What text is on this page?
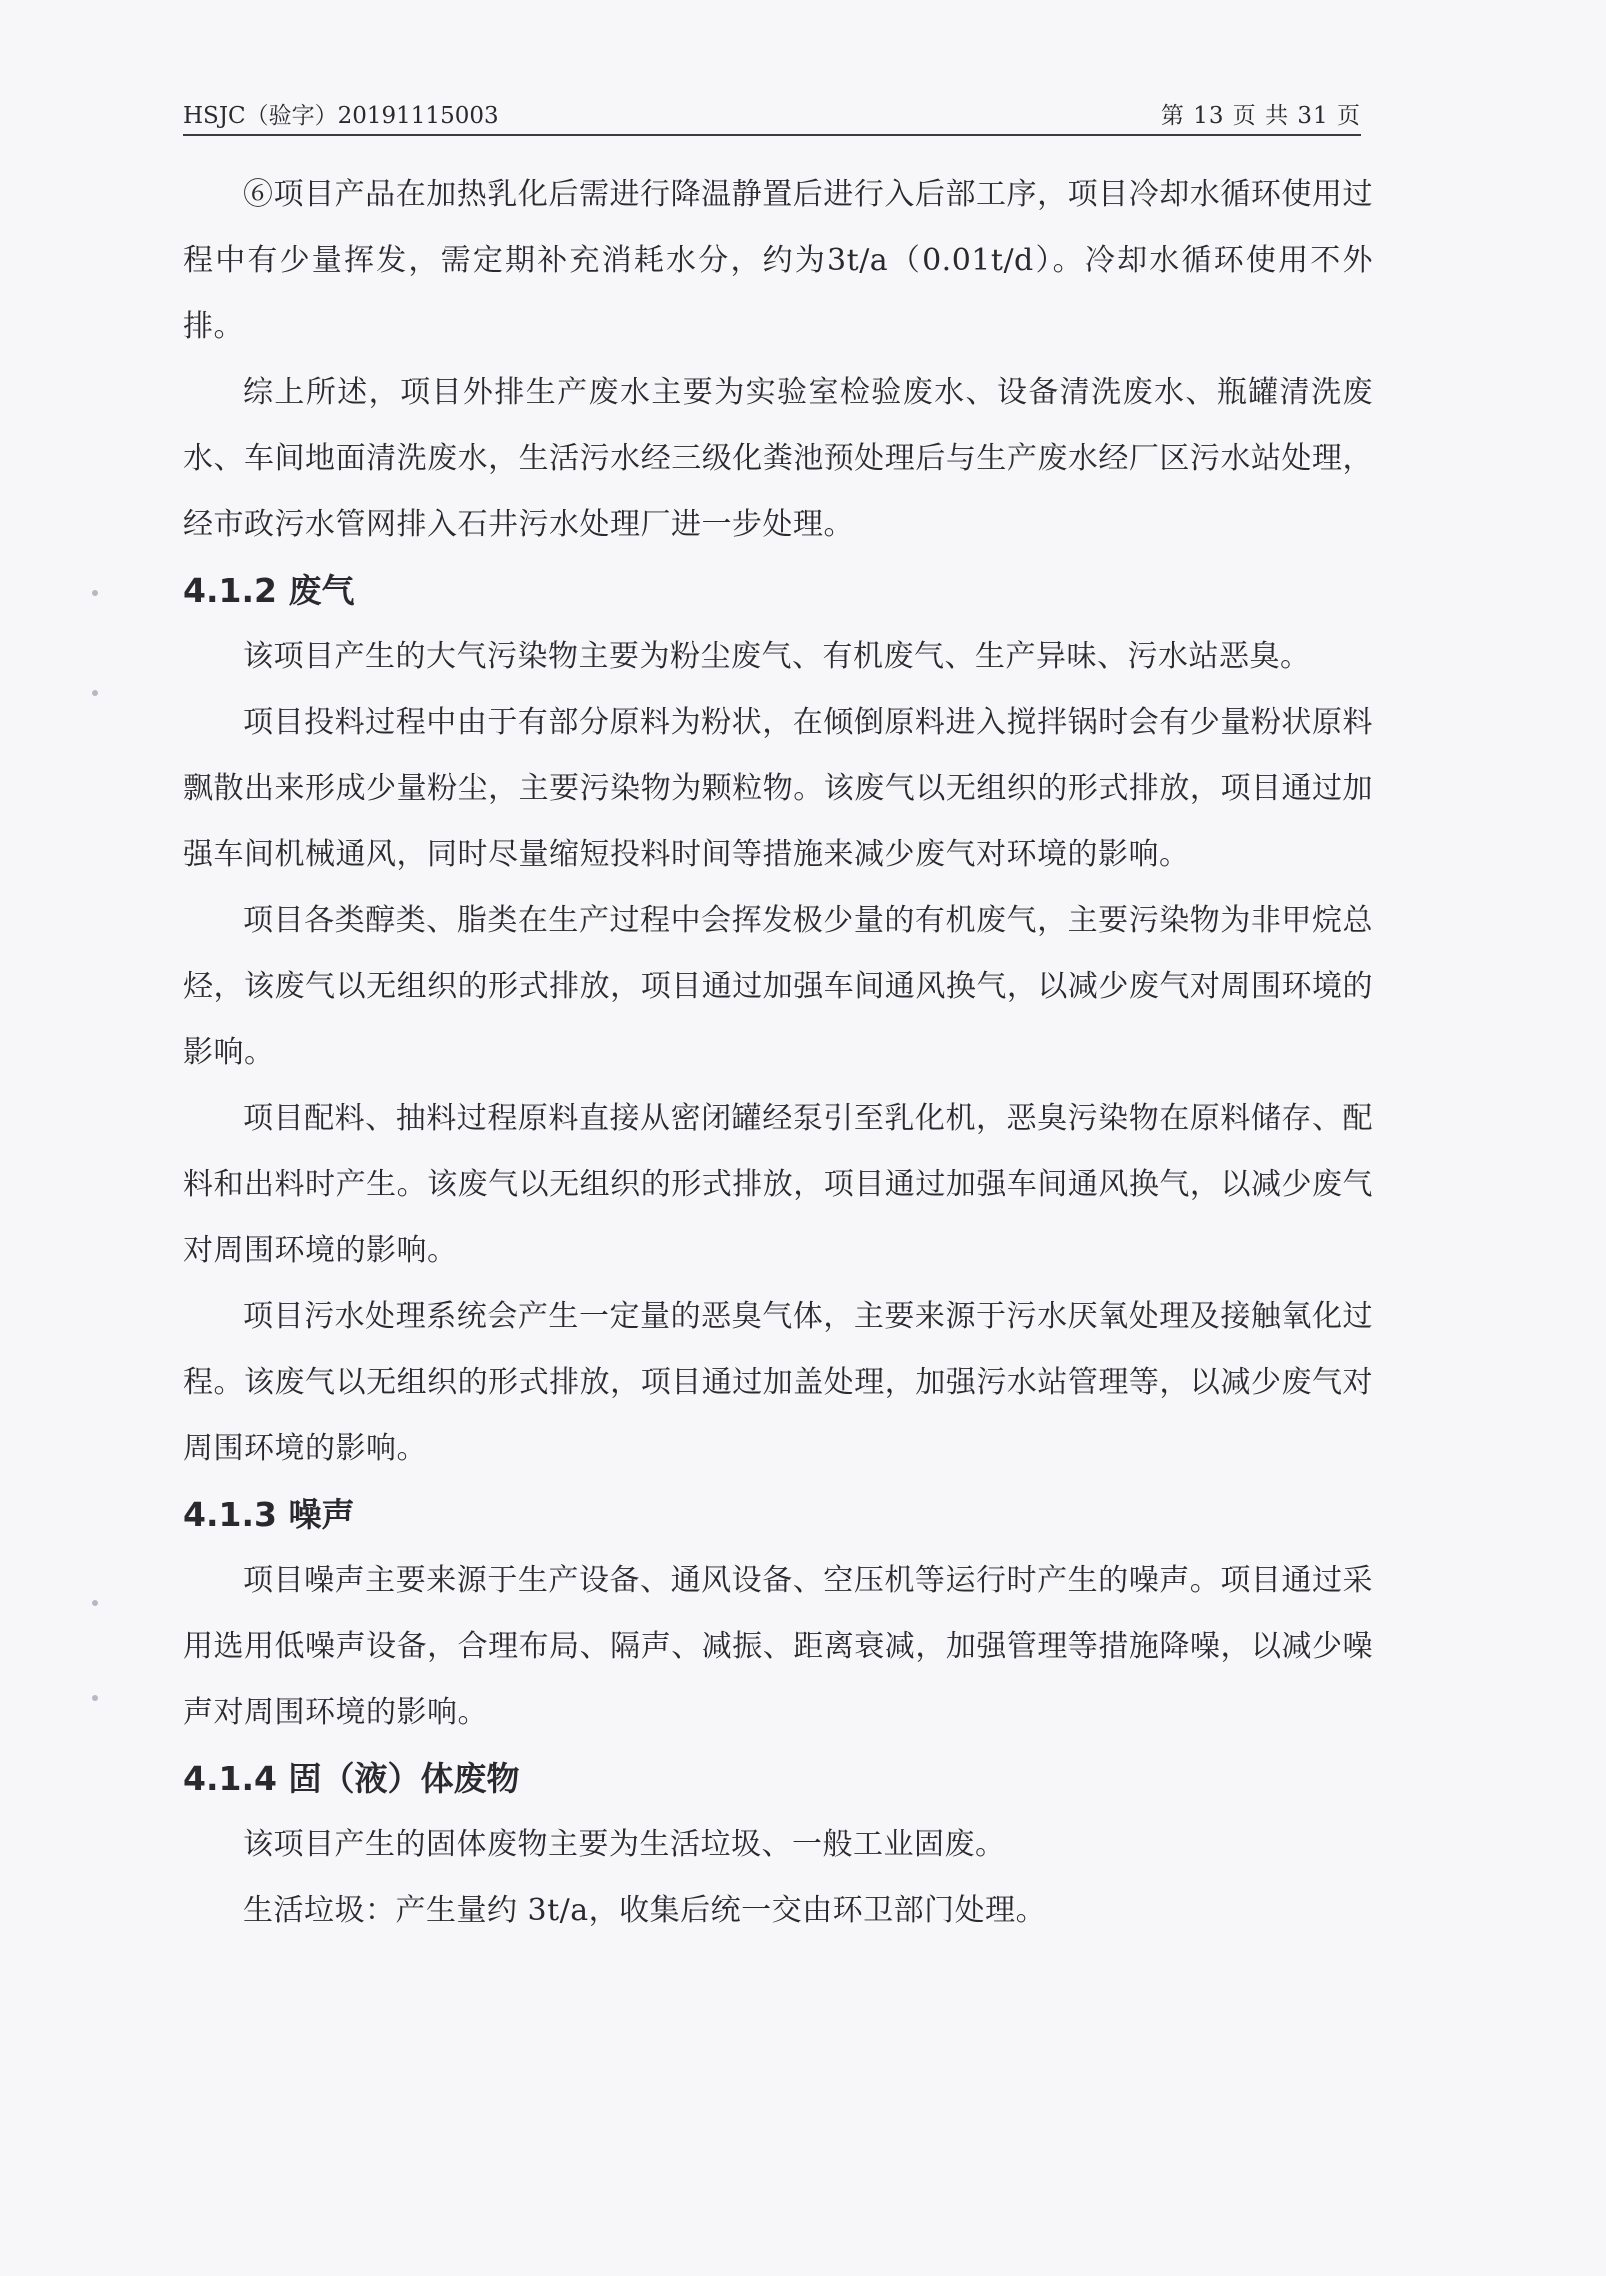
HSJC（验字）20191115003	第 13 页 共 31 页

⑥项目产品在加热乳化后需进行降温静置后进行入后部工序，项目冷却水循环使用过程中有少量挥发，需定期补充消耗水分，约为3t/a（0.01t/d）。冷却水循环使用不外排。

综上所述，项目外排生产废水主要为实验室检验废水、设备清洗废水、瓶罐清洗废水、车间地面清洗废水，生活污水经三级化粪池预处理后与生产废水经厂区污水站处理，经市政污水管网排入石井污水处理厂进一步处理。

4.1.2 废气

该项目产生的大气污染物主要为粉尘废气、有机废气、生产异味、污水站恶臭。

项目投料过程中由于有部分原料为粉状，在倾倒原料进入搅拌锅时会有少量粉状原料飘散出来形成少量粉尘，主要污染物为颗粒物。该废气以无组织的形式排放，项目通过加强车间机械通风，同时尽量缩短投料时间等措施来减少废气对环境的影响。

项目各类醇类、脂类在生产过程中会挥发极少量的有机废气，主要污染物为非甲烷总烃，该废气以无组织的形式排放，项目通过加强车间通风换气，以减少废气对周围环境的影响。

项目配料、抽料过程原料直接从密闭罐经泵引至乳化机，恶臭污染物在原料储存、配料和出料时产生。该废气以无组织的形式排放，项目通过加强车间通风换气，以减少废气对周围环境的影响。

项目污水处理系统会产生一定量的恶臭气体，主要来源于污水厌氧处理及接触氧化过程。该废气以无组织的形式排放，项目通过加盖处理，加强污水站管理等，以减少废气对周围环境的影响。

4.1.3 噪声

项目噪声主要来源于生产设备、通风设备、空压机等运行时产生的噪声。项目通过采用选用低噪声设备，合理布局、隔声、减振、距离衰减，加强管理等措施降噪，以减少噪声对周围环境的影响。

4.1.4 固（液）体废物

该项目产生的固体废物主要为生活垃圾、一般工业固废。

生活垃圾：产生量约 3t/a，收集后统一交由环卫部门处理。
